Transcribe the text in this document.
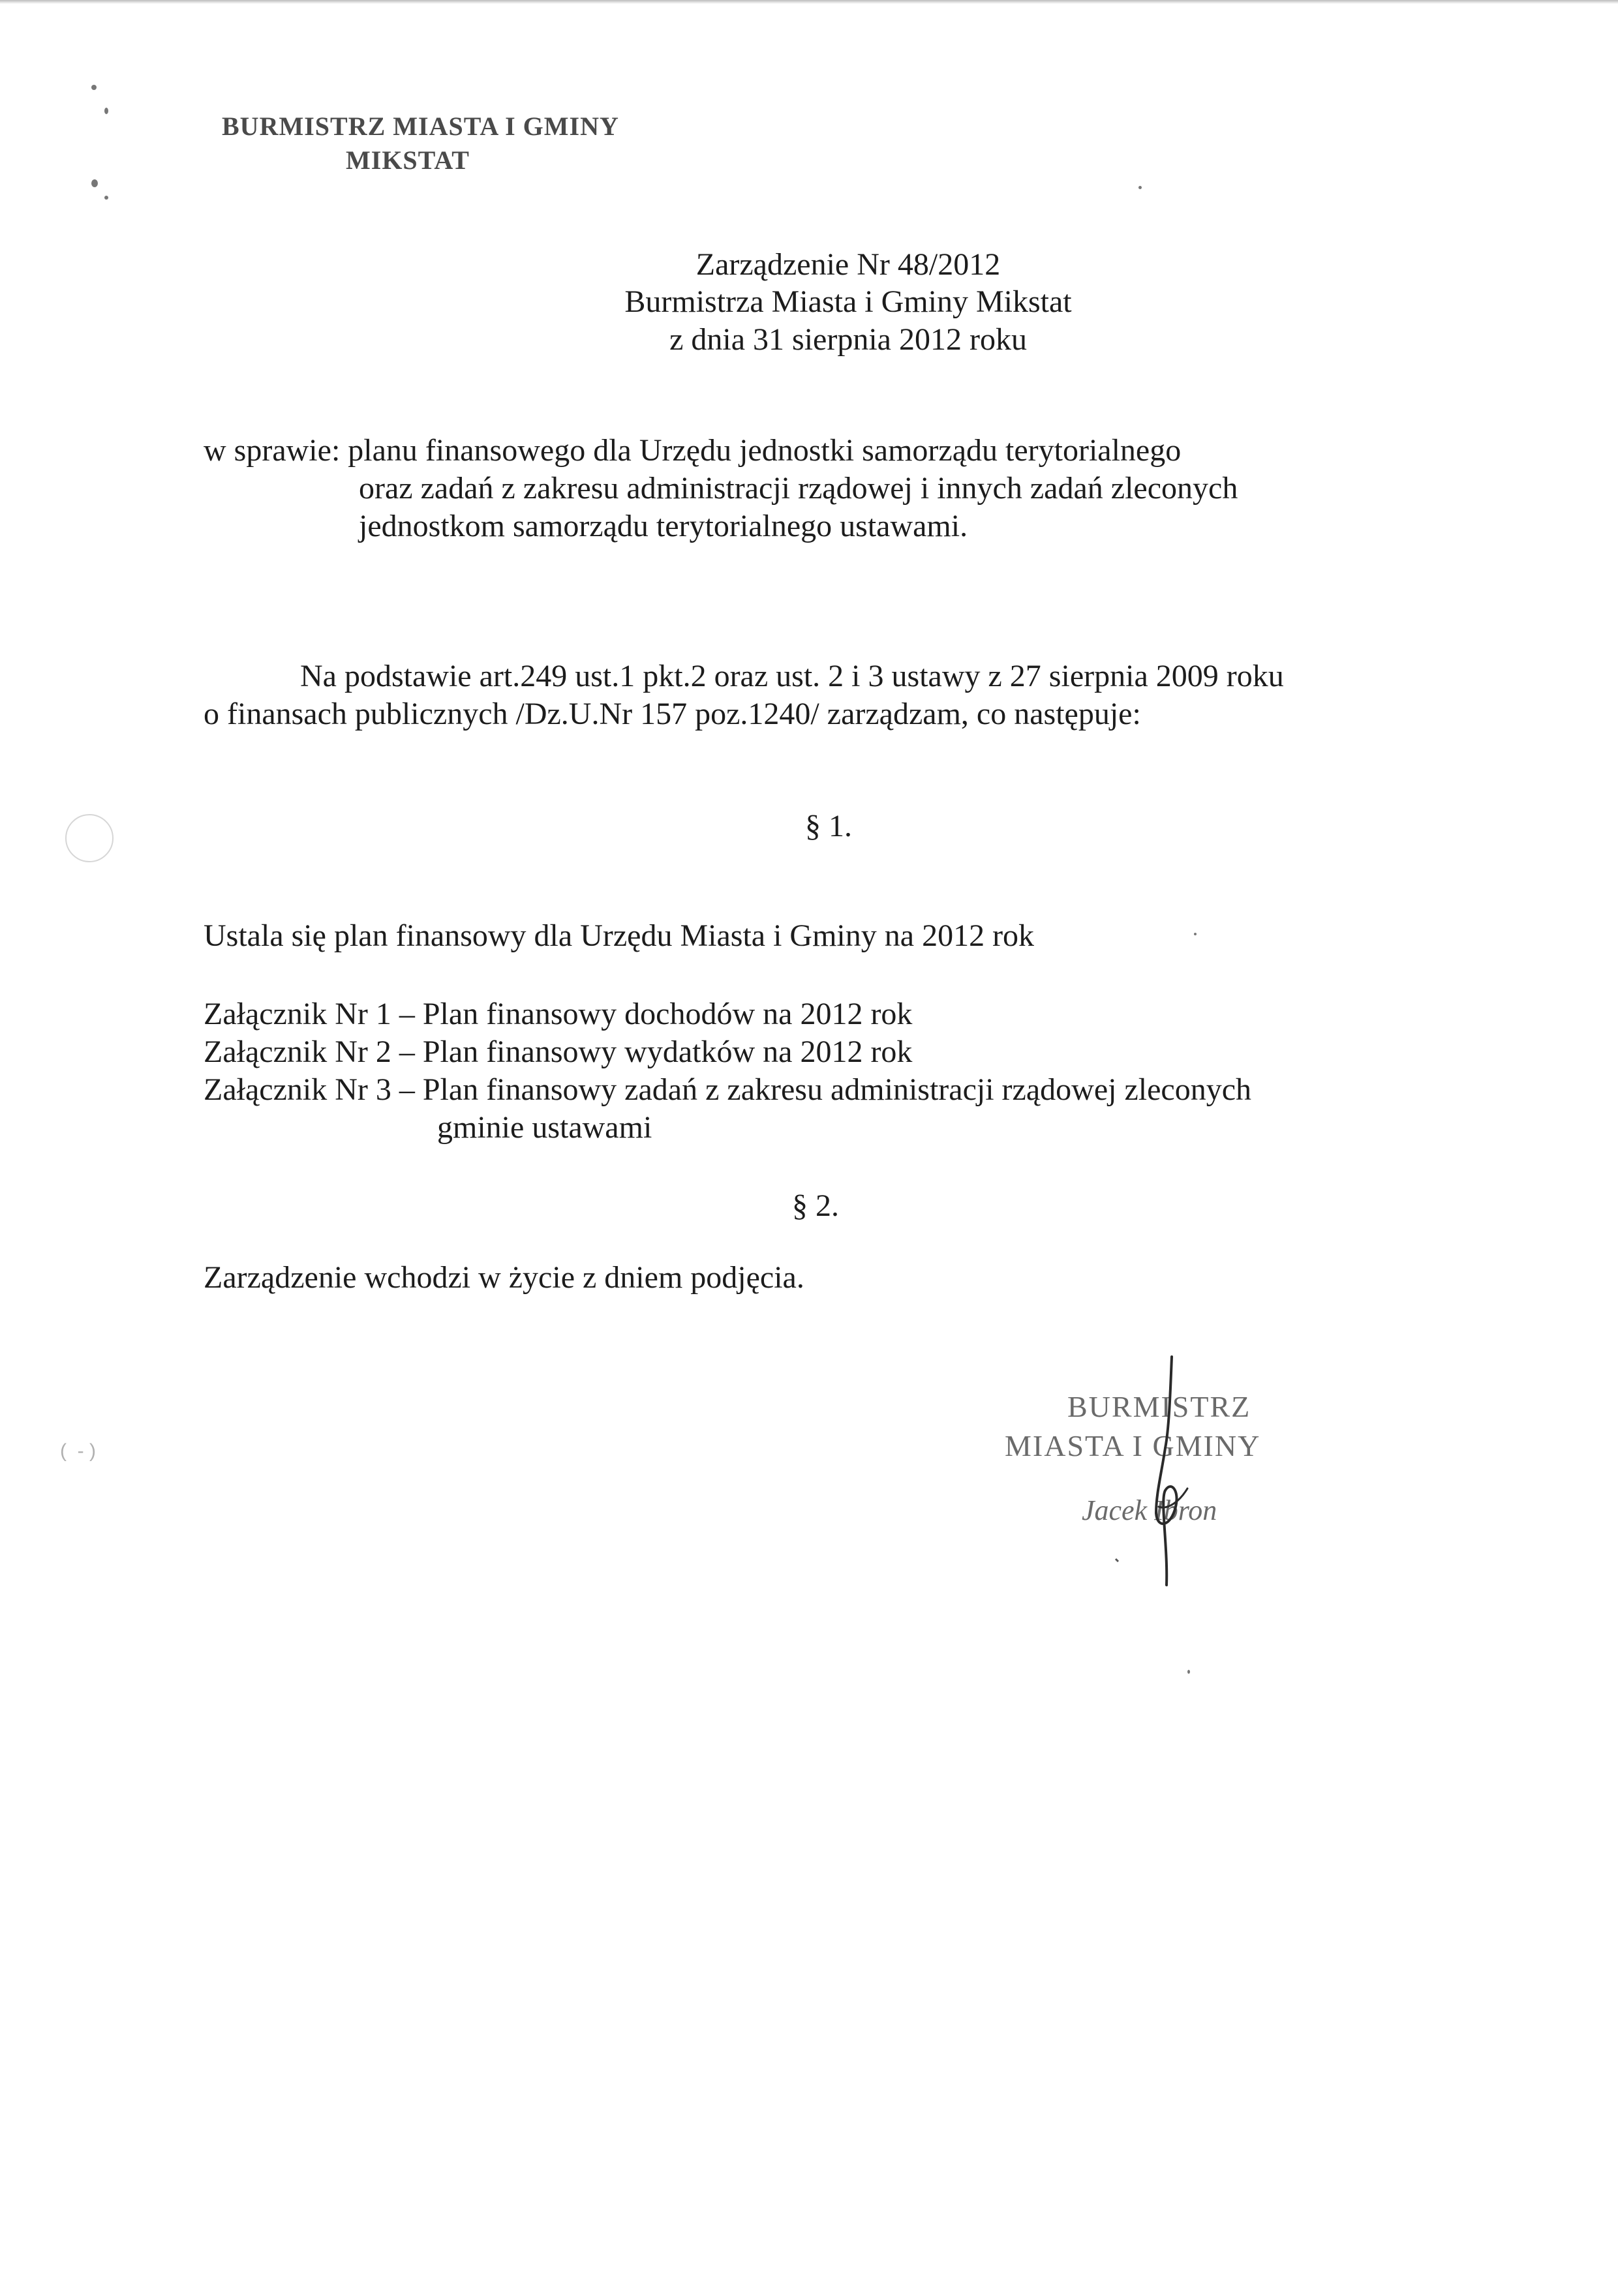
BURMISTRZ MIASTA I GMINY
MIKSTAT
Zarządzenie Nr 48/2012
Burmistrza Miasta i Gminy Mikstat
z dnia 31 sierpnia 2012 roku
w sprawie: planu finansowego dla Urzędu jednostki samorządu terytorialnego
oraz zadań z zakresu administracji rządowej i innych zadań zleconych
jednostkom samorządu terytorialnego ustawami.
Na podstawie art.249 ust.1 pkt.2 oraz ust. 2 i 3 ustawy z 27 sierpnia 2009 roku
o finansach publicznych /Dz.U.Nr 157 poz.1240/ zarządzam, co następuje:
§ 1.
Ustala się plan finansowy dla Urzędu Miasta i Gminy na 2012 rok
Załącznik Nr 1 – Plan finansowy dochodów na 2012 rok
Załącznik Nr 2 – Plan finansowy wydatków na 2012 rok
Załącznik Nr 3 – Plan finansowy zadań z zakresu administracji rządowej zleconych
gminie ustawami
§ 2.
Zarządzenie wchodzi w życie z dniem podjęcia.
(  - )
BURMISTRZ
MIASTA I GMINY
Jacek Ibron
